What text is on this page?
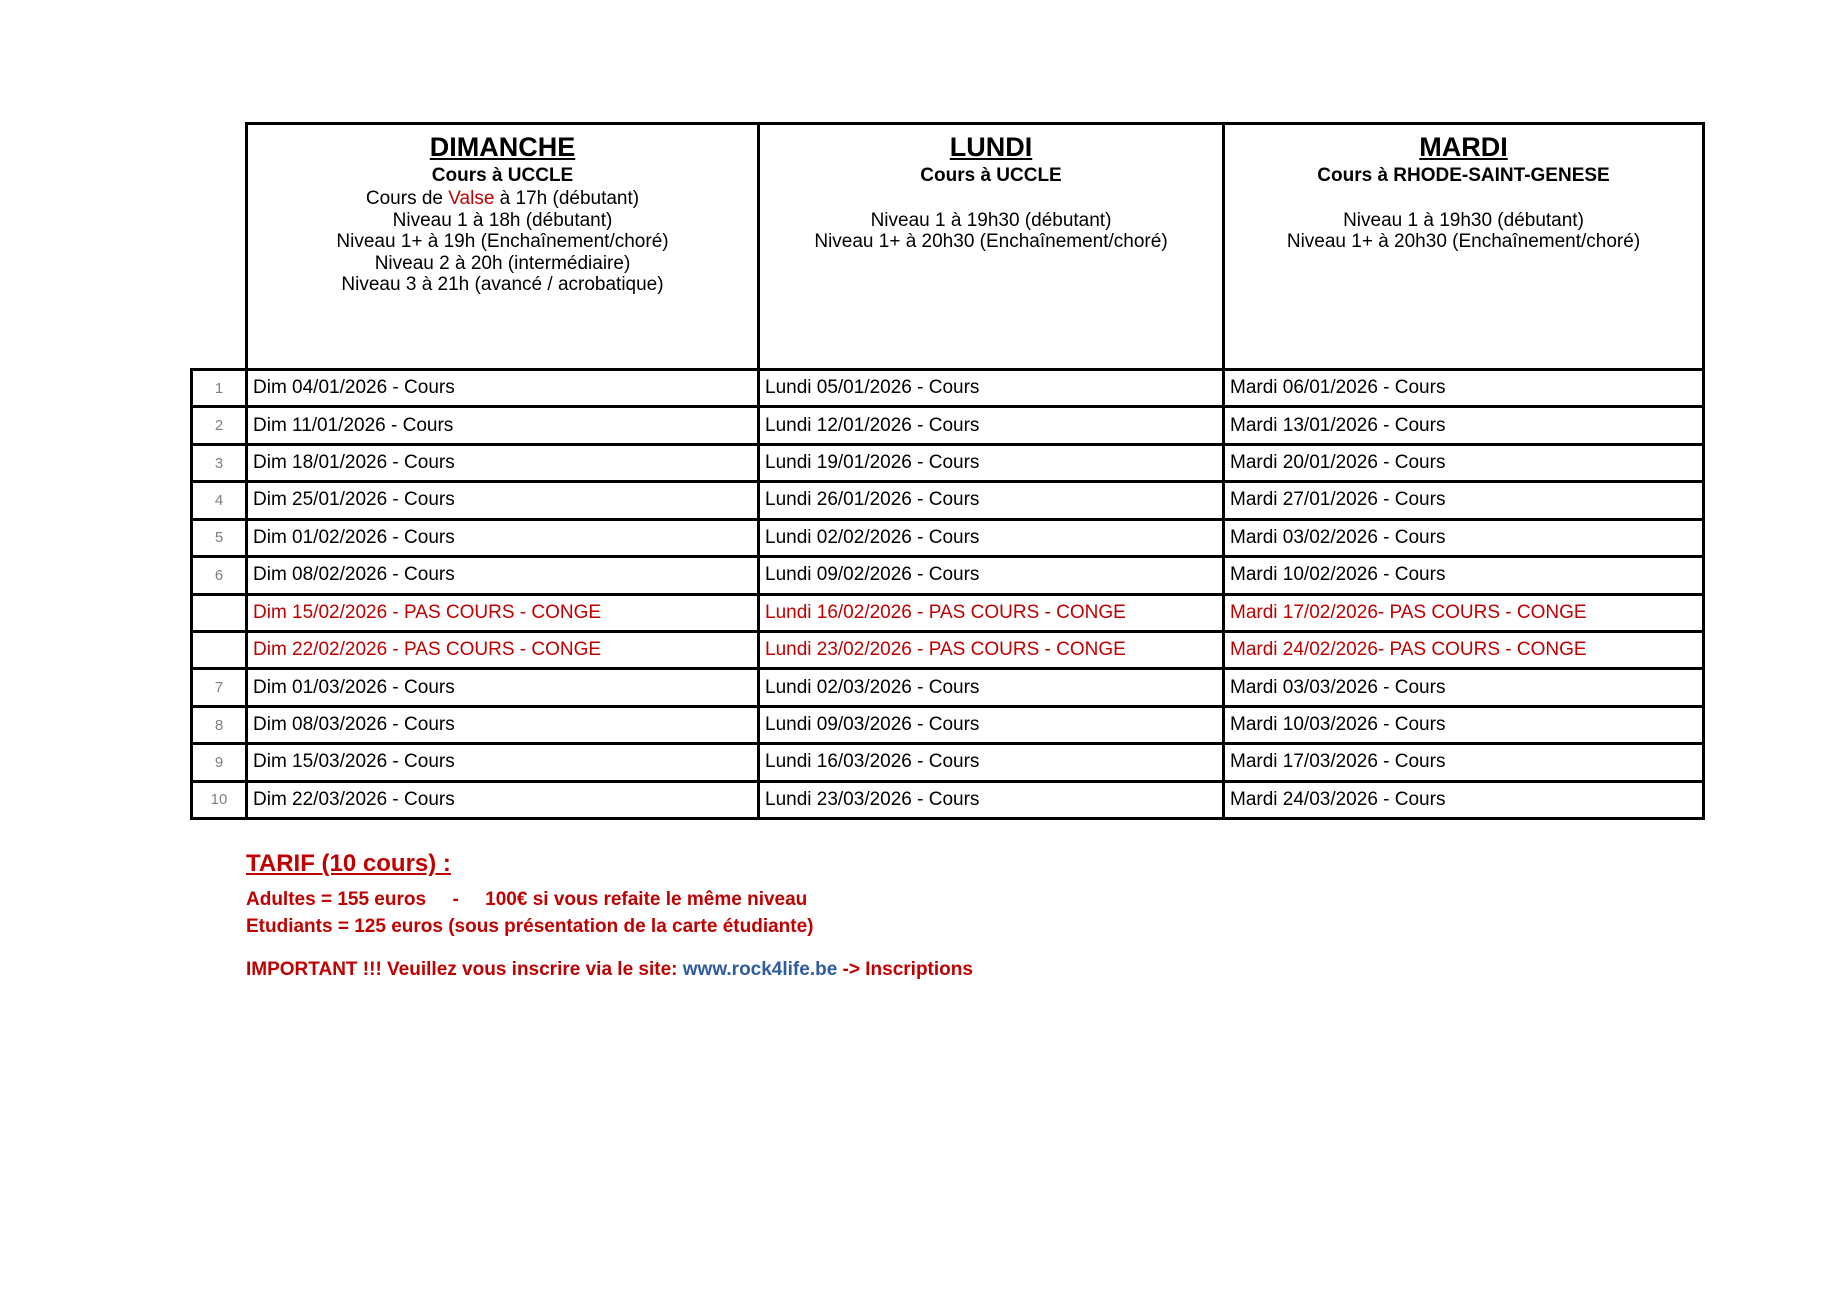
DIMANCHE
Cours à UCCLE
Cours de Valse à 17h (débutant)
Niveau 1 à 18h (débutant)
Niveau 1+ à 19h (Enchaînement/choré)
Niveau 2 à 20h (intermédiaire)
Niveau 3 à 21h (avancé / acrobatique)
LUNDI
Cours à UCCLE
Niveau 1 à 19h30 (débutant)
Niveau 1+ à 20h30 (Enchaînement/choré)
MARDI
Cours à RHODE-SAINT-GENESE
Niveau 1 à 19h30 (débutant)
Niveau 1+ à 20h30 (Enchaînement/choré)
1	Dim 04/01/2026 - Cours	Lundi 05/01/2026 - Cours	Mardi 06/01/2026 - Cours
2	Dim 11/01/2026 - Cours	Lundi 12/01/2026 - Cours	Mardi 13/01/2026 - Cours
3	Dim 18/01/2026 - Cours	Lundi 19/01/2026 - Cours	Mardi 20/01/2026 - Cours
4	Dim 25/01/2026 - Cours	Lundi 26/01/2026 - Cours	Mardi 27/01/2026 - Cours
5	Dim 01/02/2026 - Cours	Lundi 02/02/2026 - Cours	Mardi 03/02/2026 - Cours
6	Dim 08/02/2026 - Cours	Lundi 09/02/2026 - Cours	Mardi 10/02/2026 - Cours
Dim 15/02/2026 - PAS COURS - CONGE	Lundi 16/02/2026 - PAS COURS - CONGE	Mardi 17/02/2026- PAS COURS - CONGE
Dim 22/02/2026 - PAS COURS - CONGE	Lundi 23/02/2026 - PAS COURS - CONGE	Mardi 24/02/2026- PAS COURS - CONGE
7	Dim 01/03/2026 - Cours	Lundi 02/03/2026 - Cours	Mardi 03/03/2026 - Cours
8	Dim 08/03/2026 - Cours	Lundi 09/03/2026 - Cours	Mardi 10/03/2026 - Cours
9	Dim 15/03/2026 - Cours	Lundi 16/03/2026 - Cours	Mardi 17/03/2026 - Cours
10	Dim 22/03/2026 - Cours	Lundi 23/03/2026 - Cours	Mardi 24/03/2026 - Cours
TARIF (10 cours) :
Adultes = 155 euros     -     100€ si vous refaite le même niveau
Etudiants = 125 euros (sous présentation de la carte étudiante)
IMPORTANT !!! Veuillez vous inscrire via le site: www.rock4life.be -> Inscriptions
